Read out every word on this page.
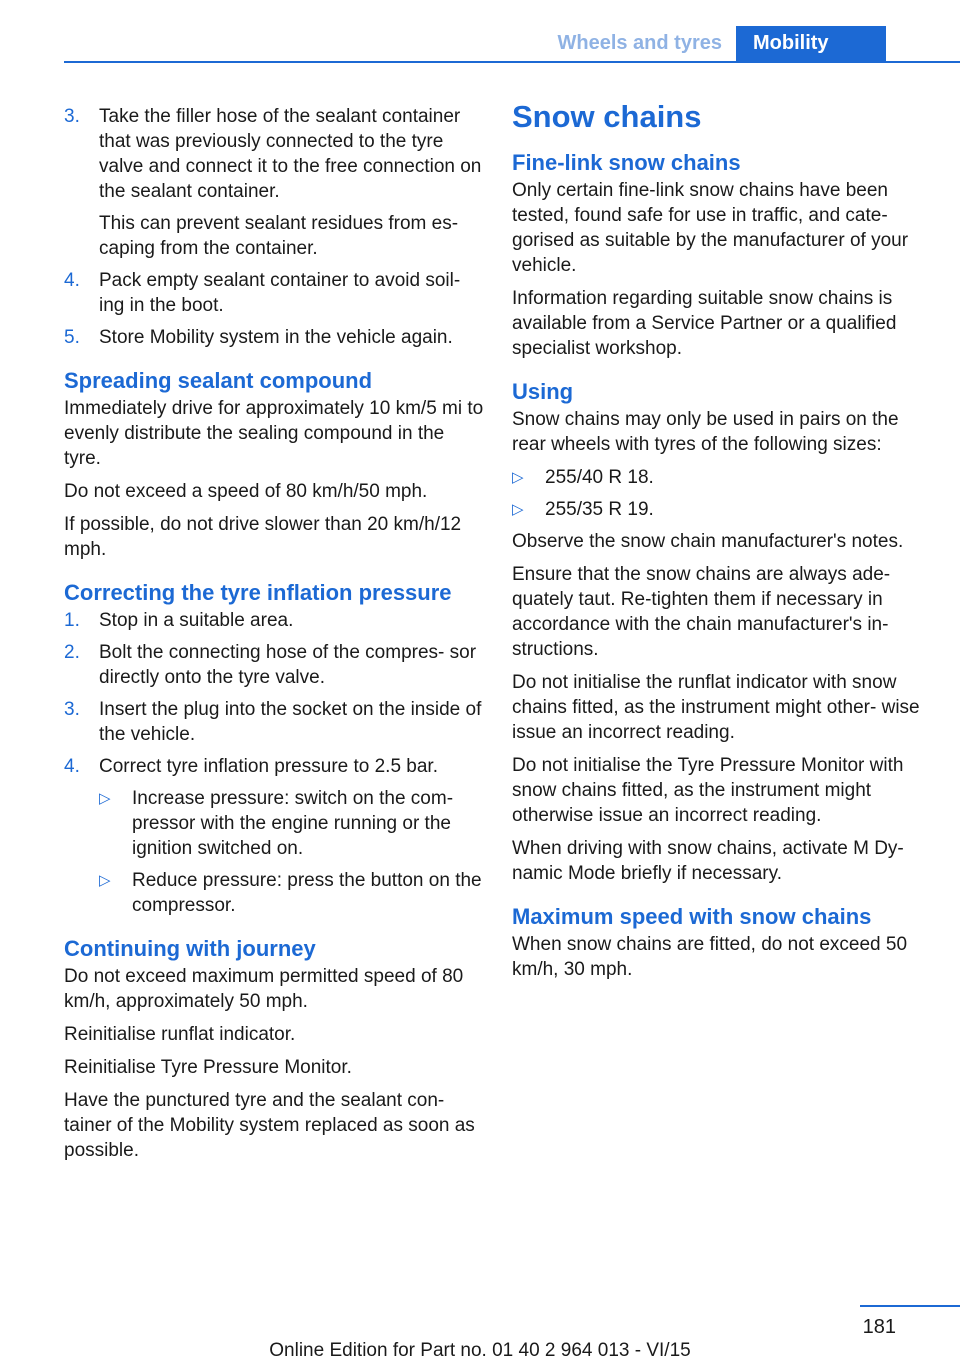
Wheels and tyres	Mobility
3. Take the filler hose of the sealant container that was previously connected to the tyre valve and connect it to the free connection on the sealant container.
This can prevent sealant residues from es‐ caping from the container.
4. Pack empty sealant container to avoid soil‐ ing in the boot.
5. Store Mobility system in the vehicle again.
Spreading sealant compound

Immediately drive for approximately 10 km/5 mi to evenly distribute the sealing compound in the tyre.

Do not exceed a speed of 80 km/h/50 mph.

If possible, do not drive slower than 20 km/h/12 mph.

Correcting the tyre inflation pressure
1. Stop in a suitable area.
2. Bolt the connecting hose of the compres‐ sor directly onto the tyre valve.
3. Insert the plug into the socket on the inside of the vehicle.
4. Correct tyre inflation pressure to 2.5 bar.
▷ Increase pressure: switch on the com‐ pressor with the engine running or the ignition switched on.
▷ Reduce pressure: press the button on the compressor.
Continuing with journey

Do not exceed maximum permitted speed of 80 km/h, approximately 50 mph.

Reinitialise runflat indicator.

Reinitialise Tyre Pressure Monitor.

Have the punctured tyre and the sealant con‐ tainer of the Mobility system replaced as soon as possible.

Snow chains
Fine-link snow chains

Only certain fine-link snow chains have been tested, found safe for use in traffic, and cate‐ gorised as suitable by the manufacturer of your vehicle.

Information regarding suitable snow chains is available from a Service Partner or a qualified specialist workshop.

Using

Snow chains may only be used in pairs on the rear wheels with tyres of the following sizes:

▷ 255/40 R 18.
▷ 255/35 R 19.

Observe the snow chain manufacturer's notes.

Ensure that the snow chains are always ade‐ quately taut. Re-tighten them if necessary in accordance with the chain manufacturer's in‐ structions.

Do not initialise the runflat indicator with snow chains fitted, as the instrument might other‐ wise issue an incorrect reading.

Do not initialise the Tyre Pressure Monitor with snow chains fitted, as the instrument might otherwise issue an incorrect reading.

When driving with snow chains, activate M Dy‐ namic Mode briefly if necessary.

Maximum speed with snow chains

When snow chains are fitted, do not exceed 50 km/h, 30 mph.

181
Online Edition for Part no. 01 40 2 964 013 - VI/15
